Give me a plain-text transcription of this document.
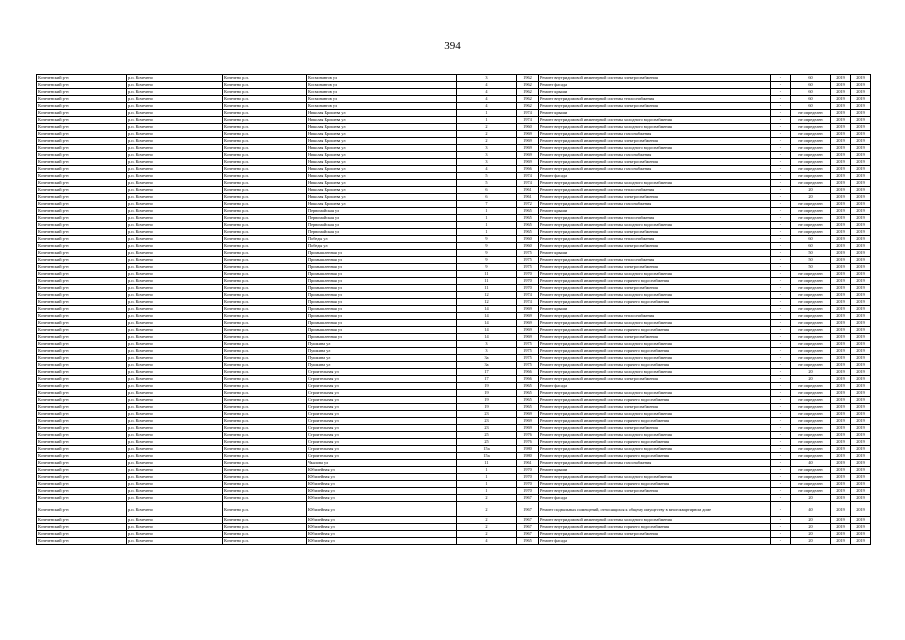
394
Кочеченский р-н	р.п. Кочечено	Кочечено р.п.	Космонавтов ул	3	1962	Ремонт внутридомовой инженерной системы электроснабжения	-	60	2019	2019
Кочеченский р-н	р.п. Кочечено	Кочечено р.п.	Космонавтов ул	4	1962	Ремонт фасада	-	60	2019	2019
Кочеченский р-н	р.п. Кочечено	Кочечено р.п.	Космонавтов ул	4	1962	Ремонт крыши	-	60	2019	2019
Кочеченский р-н	р.п. Кочечено	Кочечено р.п.	Космонавтов ул	4	1962	Ремонт внутридомовой инженерной системы теплоснабжения	-	60	2019	2019
Кочеченский р-н	р.п. Кочечено	Кочечено р.п.	Космонавтов ул	4	1962	Ремонт внутридомовой инженерной системы электроснабжения	-	60	2019	2019
Кочеченский р-н	р.п. Кочечено	Кочечено р.п.	Николая Брошева ул	1	1974	Ремонт крыши	-	не определен	2019	2019
Кочеченский р-н	р.п. Кочечено	Кочечено р.п.	Николая Брошева ул	1	1974	Ремонт внутридомовой инженерной системы холодного водоснабжения	-	не определен	2019	2019
Кочеченский р-н	р.п. Кочечено	Кочечено р.п.	Николая Брошева ул	2	1960	Ремонт внутридомовой инженерной системы холодного водоснабжения	-	не определен	2019	2019
Кочеченский р-н	р.п. Кочечено	Кочечено р.п.	Николая Брошева ул	2	1969	Ремонт внутридомовой инженерной системы газоснабжения	-	не определен	2019	2019
Кочеченский р-н	р.п. Кочечено	Кочечено р.п.	Николая Брошева ул	2	1969	Ремонт внутридомовой инженерной системы электроснабжения	-	не определен	2019	2019
Кочеченский р-н	р.п. Кочечено	Кочечено р.п.	Николая Брошева ул	3	1969	Ремонт внутридомовой инженерной системы холодного водоснабжения	-	не определен	2019	2019
Кочеченский р-н	р.п. Кочечено	Кочечено р.п.	Николая Брошева ул	3	1969	Ремонт внутридомовой инженерной системы газоснабжения	-	не определен	2019	2019
Кочеченский р-н	р.п. Кочечено	Кочечено р.п.	Николая Брошева ул	3	1969	Ремонт внутридомовой инженерной системы электроснабжения	-	не определен	2019	2019
Кочеченский р-н	р.п. Кочечено	Кочечено р.п.	Николая Брошева ул	4	1966	Ремонт внутридомовой инженерной системы газоснабжения	-	не определен	2019	2019
Кочеченский р-н	р.п. Кочечено	Кочечено р.п.	Николая Брошева ул	5	1974	Ремонт фасада	-	не определен	2019	2019
Кочеченский р-н	р.п. Кочечено	Кочечено р.п.	Николая Брошева ул	5	1974	Ремонт внутридомовой инженерной системы холодного водоснабжения	-	не определен	2019	2019
Кочеченский р-н	р.п. Кочечено	Кочечено р.п.	Николая Брошева ул	6	1961	Ремонт внутридомовой инженерной системы теплоснабжения	-	20	2019	2019
Кочеченский р-н	р.п. Кочечено	Кочечено р.п.	Николая Брошева ул	6	1961	Ремонт внутридомовой инженерной системы электроснабжения	-	20	2019	2019
Кочеченский р-н	р.п. Кочечено	Кочечено р.п.	Николая Брошева ул	7	1972	Ремонт внутридомовой инженерной системы газоснабжения	-	не определен	2019	2019
Кочеченский р-н	р.п. Кочечено	Кочечено р.п.	Первомайская ул	1	1965	Ремонт крыши	-	не определен	2019	2019
Кочеченский р-н	р.п. Кочечено	Кочечено р.п.	Первомайская ул	1	1965	Ремонт внутридомовой инженерной системы теплоснабжения	-	не определен	2019	2019
Кочеченский р-н	р.п. Кочечено	Кочечено р.п.	Первомайская ул	1	1965	Ремонт внутридомовой инженерной системы холодного водоснабжения	-	не определен	2019	2019
Кочеченский р-н	р.п. Кочечено	Кочечено р.п.	Первомайская ул	1	1965	Ремонт внутридомовой инженерной системы электроснабжения	-	не определен	2019	2019
Кочеченский р-н	р.п. Кочечено	Кочечено р.п.	Победы ул	9	1960	Ремонт внутридомовой инженерной системы теплоснабжения	-	60	2019	2019
Кочеченский р-н	р.п. Кочечено	Кочечено р.п.	Победы ул	9	1960	Ремонт внутридомовой инженерной системы электроснабжения	-	60	2019	2019
Кочеченский р-н	р.п. Кочечено	Кочечено р.п.	Промышленная ул	9	1975	Ремонт крыши	-	50	2019	2019
Кочеченский р-н	р.п. Кочечено	Кочечено р.п.	Промышленная ул	9	1975	Ремонт внутридомовой инженерной системы теплоснабжения	-	50	2019	2019
Кочеченский р-н	р.п. Кочечено	Кочечено р.п.	Промышленная ул	9	1975	Ремонт внутридомовой инженерной системы электроснабжения	-	50	2019	2019
Кочеченский р-н	р.п. Кочечено	Кочечено р.п.	Промышленная ул	11	1970	Ремонт внутридомовой инженерной системы холодного водоснабжения	-	не определен	2019	2019
Кочеченский р-н	р.п. Кочечено	Кочечено р.п.	Промышленная ул	11	1970	Ремонт внутридомовой инженерной системы горячего водоснабжения	-	не определен	2019	2019
Кочеченский р-н	р.п. Кочечено	Кочечено р.п.	Промышленная ул	11	1970	Ремонт внутридомовой инженерной системы электроснабжения	-	не определен	2019	2019
Кочеченский р-н	р.п. Кочечено	Кочечено р.п.	Промышленная ул	12	1974	Ремонт внутридомовой инженерной системы холодного водоснабжения	-	не определен	2019	2019
Кочеченский р-н	р.п. Кочечено	Кочечено р.п.	Промышленная ул	12	1974	Ремонт внутридомовой инженерной системы горячего водоснабжения	-	не определен	2019	2019
Кочеченский р-н	р.п. Кочечено	Кочечено р.п.	Промышленная ул	14	1969	Ремонт крыши	-	не определен	2019	2019
Кочеченский р-н	р.п. Кочечено	Кочечено р.п.	Промышленная ул	14	1969	Ремонт внутридомовой инженерной системы теплоснабжения	-	не определен	2019	2019
Кочеченский р-н	р.п. Кочечено	Кочечено р.п.	Промышленная ул	14	1969	Ремонт внутридомовой инженерной системы холодного водоснабжения	-	не определен	2019	2019
Кочеченский р-н	р.п. Кочечено	Кочечено р.п.	Промышленная ул	14	1969	Ремонт внутридомовой инженерной системы горячего водоснабжения	-	не определен	2019	2019
Кочеченский р-н	р.п. Кочечено	Кочечено р.п.	Промышленная ул	14	1969	Ремонт внутридомовой инженерной системы электроснабжения	-	не определен	2019	2019
Кочеченский р-н	р.п. Кочечено	Кочечено р.п.	Пушкина ул	3	1975	Ремонт внутридомовой инженерной системы холодного водоснабжения	-	не определен	2019	2019
Кочеченский р-н	р.п. Кочечено	Кочечено р.п.	Пушкина ул	3	1975	Ремонт внутридомовой инженерной системы горячего водоснабжения	-	не определен	2019	2019
Кочеченский р-н	р.п. Кочечено	Кочечено р.п.	Пушкина ул	3а	1975	Ремонт внутридомовой инженерной системы холодного водоснабжения	-	не определен	2019	2019
Кочеченский р-н	р.п. Кочечено	Кочечено р.п.	Пушкина ул	3а	1975	Ремонт внутридомовой инженерной системы горячего водоснабжения	-	не определен	2019	2019
Кочеченский р-н	р.п. Кочечено	Кочечено р.п.	Строительная ул	17	1966	Ремонт внутридомовой инженерной системы холодного водоснабжения	-	20	2019	2019
Кочеченский р-н	р.п. Кочечено	Кочечено р.п.	Строительная ул	17	1966	Ремонт внутридомовой инженерной системы электроснабжения	-	20	2019	2019
Кочеченский р-н	р.п. Кочечено	Кочечено р.п.	Строительная ул	19	1965	Ремонт фасада	-	не определен	2019	2019
Кочеченский р-н	р.п. Кочечено	Кочечено р.п.	Строительная ул	19	1965	Ремонт внутридомовой инженерной системы холодного водоснабжения	-	не определен	2019	2019
Кочеченский р-н	р.п. Кочечено	Кочечено р.п.	Строительная ул	19	1965	Ремонт внутридомовой инженерной системы горячего водоснабжения	-	не определен	2019	2019
Кочеченский р-н	р.п. Кочечено	Кочечено р.п.	Строительная ул	19	1965	Ремонт внутридомовой инженерной системы электроснабжения	-	не определен	2019	2019
Кочеченский р-н	р.п. Кочечено	Кочечено р.п.	Строительная ул	23	1969	Ремонт внутридомовой инженерной системы холодного водоснабжения	-	не определен	2019	2019
Кочеченский р-н	р.п. Кочечено	Кочечено р.п.	Строительная ул	23	1969	Ремонт внутридомовой инженерной системы горячего водоснабжения	-	не определен	2019	2019
Кочеченский р-н	р.п. Кочечено	Кочечено р.п.	Строительная ул	23	1969	Ремонт внутридомовой инженерной системы электроснабжения	-	не определен	2019	2019
Кочеченский р-н	р.п. Кочечено	Кочечено р.п.	Строительная ул	25	1976	Ремонт внутридомовой инженерной системы холодного водоснабжения	-	не определен	2019	2019
Кочеченский р-н	р.п. Кочечено	Кочечено р.п.	Строительная ул	25	1976	Ремонт внутридомовой инженерной системы горячего водоснабжения	-	не определен	2019	2019
Кочеченский р-н	р.п. Кочечено	Кочечено р.п.	Строительная ул	15а	1980	Ремонт внутридомовой инженерной системы холодного водоснабжения	-	не определен	2019	2019
Кочеченский р-н	р.п. Кочечено	Кочечено р.п.	Строительная ул	15а	1980	Ремонт внутридомовой инженерной системы горячего водоснабжения	-	не определен	2019	2019
Кочеченский р-н	р.п. Кочечено	Кочечено р.п.	Чкалова ул	11	1961	Ремонт внутридомовой инженерной системы газоснабжения	-	40	2019	2019
Кочеченский р-н	р.п. Кочечено	Кочечено р.п.	Юбилейная ул	1	1970	Ремонт крыши	-	не определен	2019	2019
Кочеченский р-н	р.п. Кочечено	Кочечено р.п.	Юбилейная ул	1	1970	Ремонт внутридомовой инженерной системы холодного водоснабжения	-	не определен	2019	2019
Кочеченский р-н	р.п. Кочечено	Кочечено р.п.	Юбилейная ул	1	1970	Ремонт внутридомовой инженерной системы горячего водоснабжения	-	не определен	2019	2019
Кочеченский р-н	р.п. Кочечено	Кочечено р.п.	Юбилейная ул	1	1970	Ремонт внутридомовой инженерной системы электроснабжения	-	не определен	2019	2019
Кочеченский р-н	р.п. Кочечено	Кочечено р.п.	Юбилейная ул	2	1967	Ремонт фасада	-	20	2019	2019
Кочеченский р-н	р.п. Кочечено	Кочечено р.п.	Юбилейная ул	2	1967	Ремонт подвальных помещений, относящихся к общему имуществу в многоквартирном доме	-	40	2019	2019
Кочеченский р-н	р.п. Кочечено	Кочечено р.п.	Юбилейная ул	2	1967	Ремонт внутридомовой инженерной системы холодного водоснабжения	-	20	2019	2019
Кочеченский р-н	р.п. Кочечено	Кочечено р.п.	Юбилейная ул	2	1967	Ремонт внутридомовой инженерной системы горячего водоснабжения	-	20	2019	2019
Кочеченский р-н	р.п. Кочечено	Кочечено р.п.	Юбилейная ул	2	1967	Ремонт внутридомовой инженерной системы электроснабжения	-	20	2019	2019
Кочеченский р-н	р.п. Кочечено	Кочечено р.п.	Юбилейная ул	4	1965	Ремонт фасада	-	20	2019	2019
